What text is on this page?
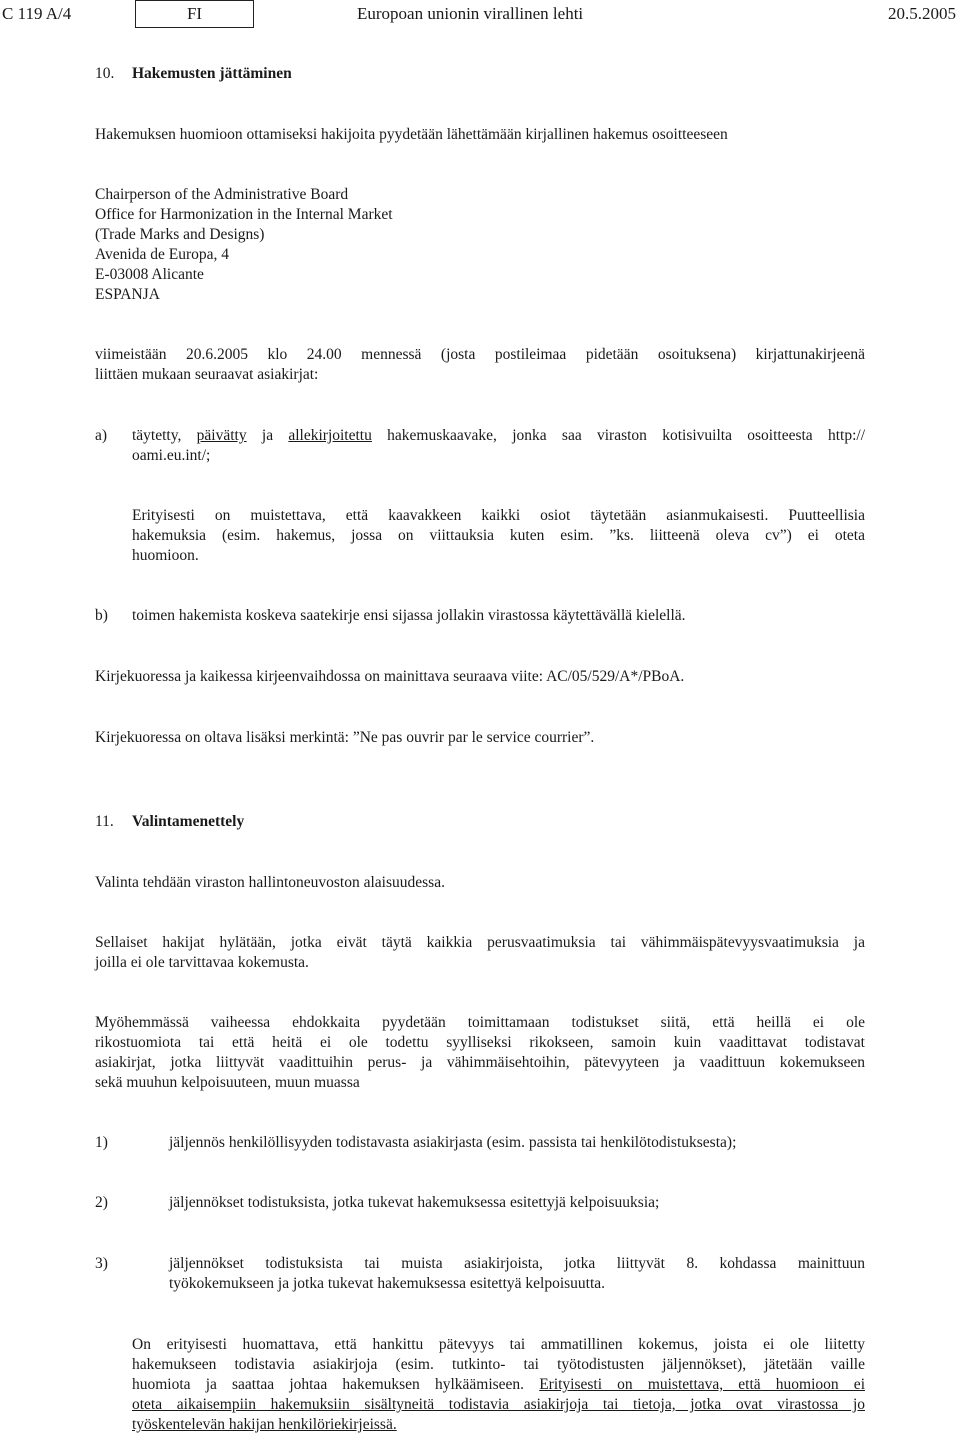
C 119 A/4	FI	Europoan unionin virallinen lehti	20.5.2005
10. Hakemusten jättäminen

Hakemuksen huomioon ottamiseksi hakijoita pyydetään lähettämään kirjallinen hakemus osoitteeseen

Chairperson of the Administrative Board
Office for Harmonization in the Internal Market
(Trade Marks and Designs)
Avenida de Europa, 4
E-03008 Alicante
ESPANJA
viimeistään 20.6.2005 klo 24.00 mennessä (josta postileimaa pidetään osoituksena) kirjattunakirjeenä
liittäen mukaan seuraavat asiakirjat:
a)	täytetty, päivätty ja allekirjoitettu hakemuskaavake, jonka saa viraston kotisivuilta osoitteesta http://
oami.eu.int/;
Erityisesti on muistettava, että kaavakkeen kaikki osiot täytetään asianmukaisesti. Puutteellisia
hakemuksia (esim. hakemus, jossa on viittauksia kuten esim. ”ks. liitteenä oleva cv”) ei oteta
huomioon.
b)	toimen hakemista koskeva saatekirje ensi sijassa jollakin virastossa käytettävällä kielellä.

Kirjekuoressa ja kaikessa kirjeenvaihdossa on mainittava seuraava viite: AC/05/529/A*/PBoA.

Kirjekuoressa on oltava lisäksi merkintä: ”Ne pas ouvrir par le service courrier”.

11. Valintamenettely

Valinta tehdään viraston hallintoneuvoston alaisuudessa.

Sellaiset hakijat hylätään, jotka eivät täytä kaikkia perusvaatimuksia tai vähimmäispätevyysvaatimuksia ja
joilla ei ole tarvittavaa kokemusta.
Myöhemmässä vaiheessa ehdokkaita pyydetään toimittamaan todistukset siitä, että heillä ei ole
rikostuomiota tai että heitä ei ole todettu syylliseksi rikokseen, samoin kuin vaadittavat todistavat
asiakirjat, jotka liittyvät vaadittuihin perus- ja vähimmäisehtoihin, pätevyyteen ja vaadittuun kokemukseen
sekä muuhun kelpoisuuteen, muun muassa
1)	jäljennös henkilöllisyyden todistavasta asiakirjasta (esim. passista tai henkilötodistuksesta);
2)	jäljennökset todistuksista, jotka tukevat hakemuksessa esitettyjä kelpoisuuksia;
3)	jäljennökset todistuksista tai muista asiakirjoista, jotka liittyvät 8. kohdassa mainittuun
työkokemukseen ja jotka tukevat hakemuksessa esitettyä kelpoisuutta.
On erityisesti huomattava, että hankittu pätevyys tai ammatillinen kokemus, joista ei ole liitetty
hakemukseen todistavia asiakirjoja (esim. tutkinto- tai työtodistusten jäljennökset), jätetään vaille
huomiota ja saattaa johtaa hakemuksen hylkäämiseen. Erityisesti on muistettava, että huomioon ei
oteta aikaisempiin hakemuksiin sisältyneitä todistavia asiakirjoja tai tietoja, jotka ovat virastossa jo
työskentelevän hakijan henkilöriekirjeissä.
